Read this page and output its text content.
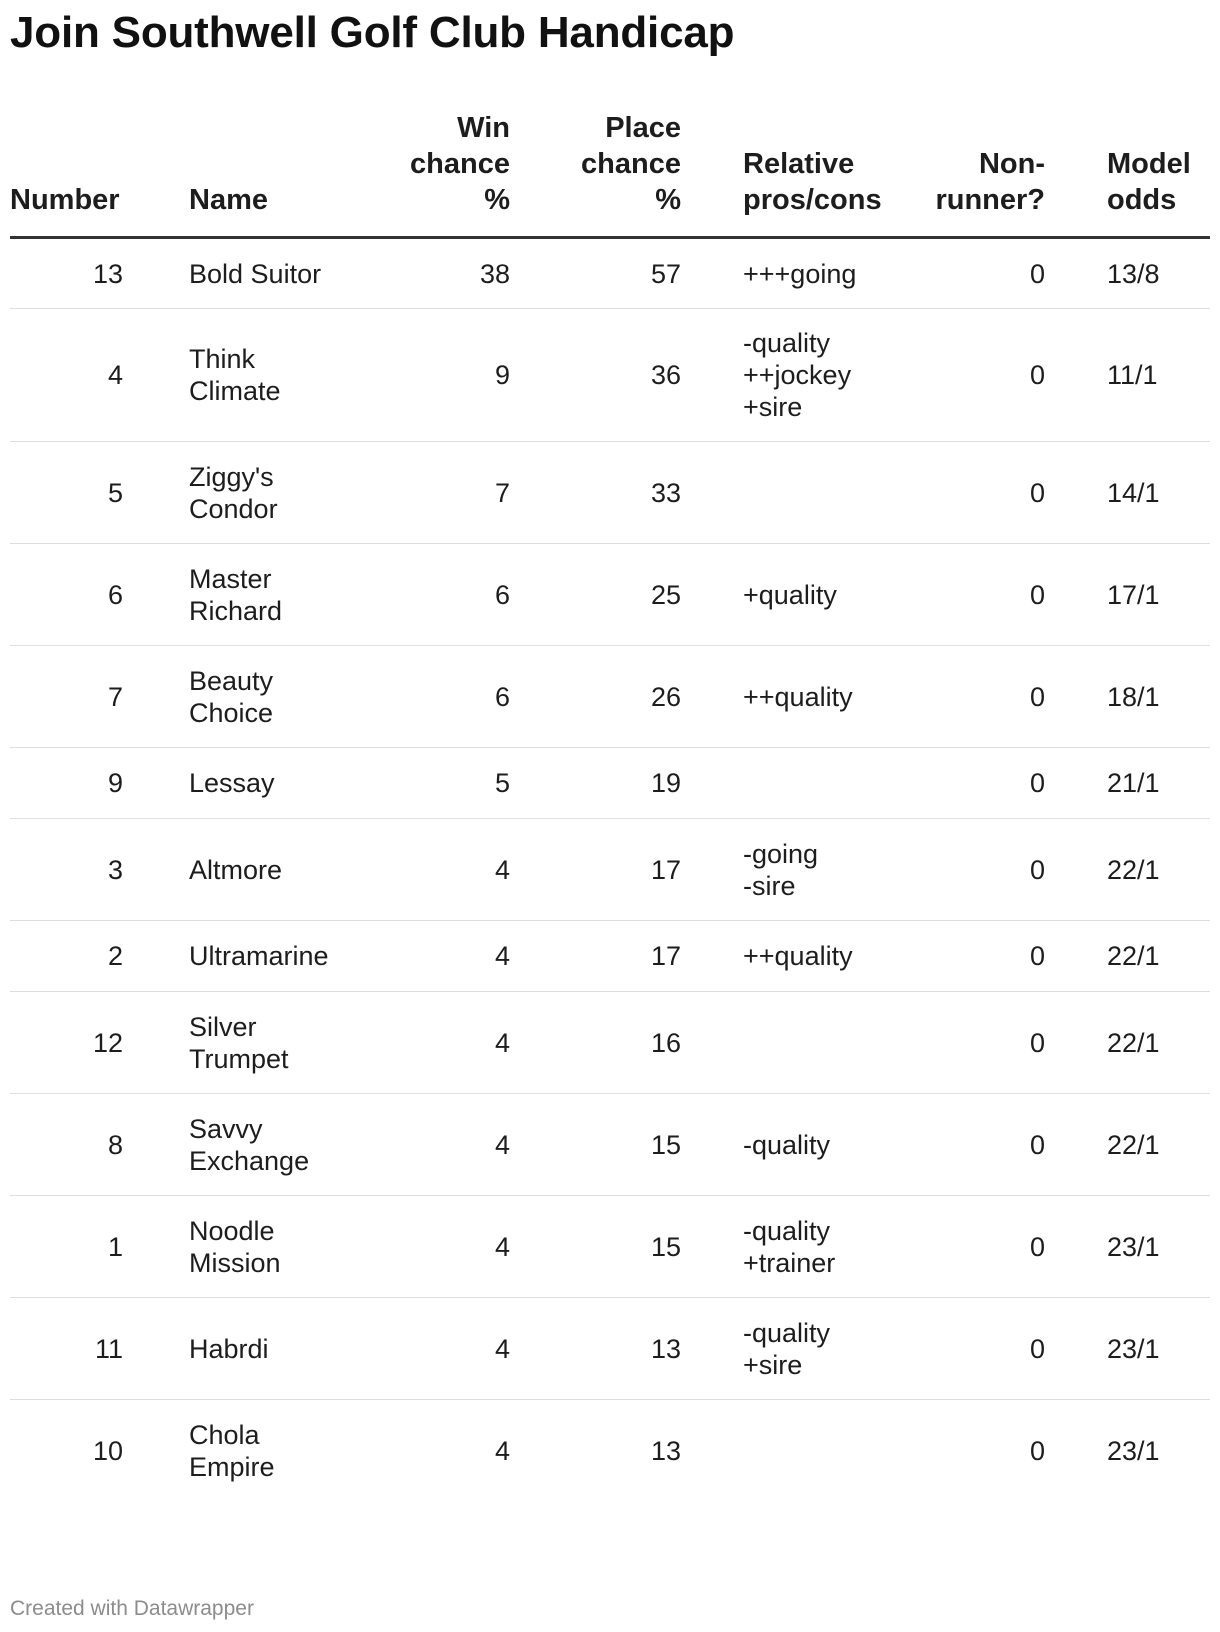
Join Southwell Golf Club Handicap
Number	Name	Win
chance
%	Place
chance
%	Relative
pros/cons	Non-
runner?	Model
odds
13	Bold Suitor	38	57	+++going	0	13/8
4	Think
Climate	9	36	-quality
++jockey
+sire	0	11/1
5	Ziggy's
Condor	7	33		0	14/1
6	Master
Richard	6	25	+quality	0	17/1
7	Beauty
Choice	6	26	++quality	0	18/1
9	Lessay	5	19		0	21/1
3	Altmore	4	17	-going
-sire	0	22/1
2	Ultramarine	4	17	++quality	0	22/1
12	Silver
Trumpet	4	16		0	22/1
8	Savvy
Exchange	4	15	-quality	0	22/1
1	Noodle
Mission	4	15	-quality
+trainer	0	23/1
11	Habrdi	4	13	-quality
+sire	0	23/1
10	Chola
Empire	4	13		0	23/1
Created with Datawrapper
